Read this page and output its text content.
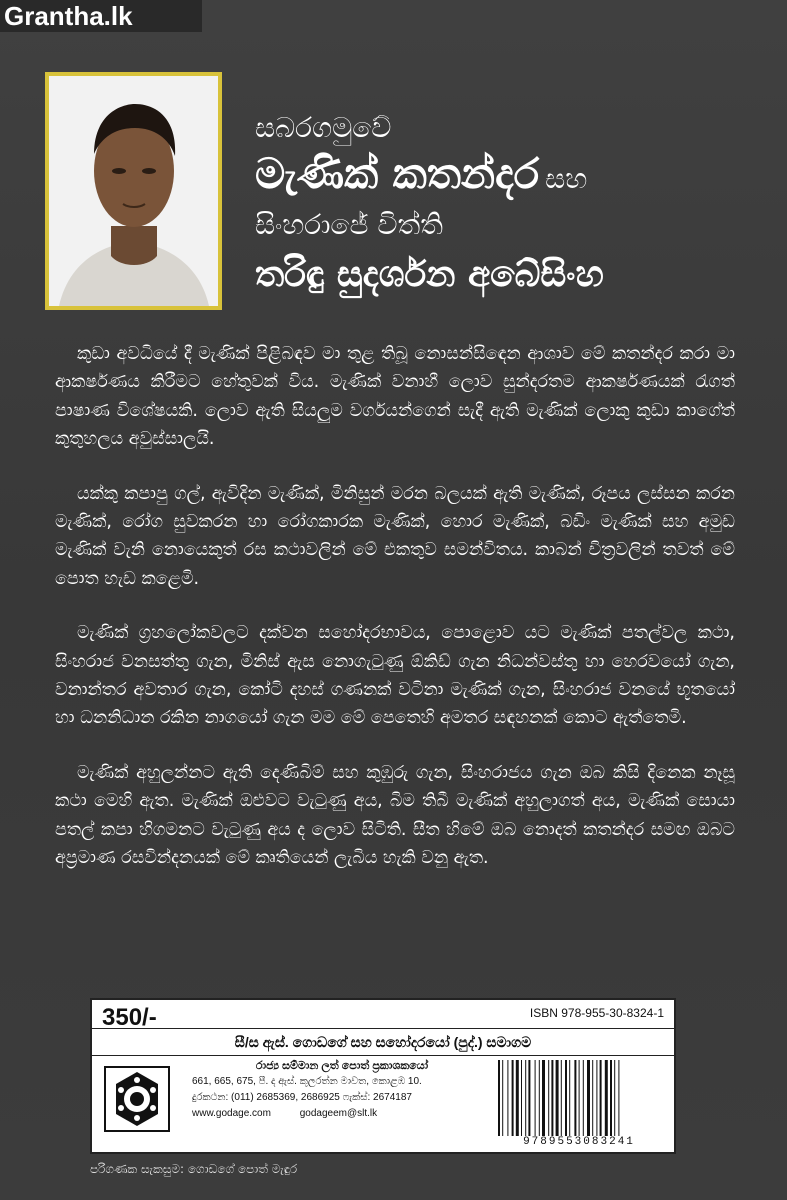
Grantha.lk
සබරගමුවේ
මැණික් කතන්දර සහ
සිංහරාජේ විත්ති
තරිඳු සුදර්ශන අබේසිංහ

කුඩා අවධියේ දී මැණික් පිළිබඳව මා තුළ තිබූ නොසන්සිඳෙන ආශාව මේ කතන්දර කරා මා ආකර්ෂණය කිරීමට හේතුවක් විය. මැණික් වනාහී ලොව සුන්දරතම ආකර්ෂණයක් රැගත් පාෂාණ විශේෂයකි. ලොව ඇති සියලුම වර්ගයන්ගෙන් සැදී ඇති මැණික් ලොකු කුඩා කාගේත් කුතුහලය අවුස්සාලයි.

යක්කු කපාපු ගල්, ඇවිදින මැණික්, මිනිසුන් මරන බලයක් ඇති මැණික්, රූපය ලස්සන කරන මැණික්, රෝග සුවකරන හා රෝගකාරක මැණික්, හොර මැණික්, බඩිං මැණික් සහ අමුඩ මැණික් වැනි නොයෙකුත් රස කථාවලින් මේ එකතුව සමන්විතය. කාබන් චිත්‍රවලින් තවත් මේ පොත හැඩ කළෙමි.

මැණික් ග්‍රහලෝකවලට දක්වන සහෝදරභාවය, පොළොව යට මැණික් පතල්වල කථා, සිංහරාජ වනසත්තු ගැන, මිනිස් ඇස නොගැටුණු ඕකිඩ් ගැන නිධන්වස්තු හා හෙරවයෝ ගැන, වනාන්තර අවතාර ගැන, කෝටි දහස් ගණනක් වටිනා මැණික් ගැන, සිංහරාජ වනයේ භූතයෝ හා ධනනිධාන රකින නාගයෝ ගැන මම මේ පෙතෙහි අමතර සඳහනක් කොට ඇත්තෙමි.

මැණික් අහුලන්නට ඇති දෙණිබිම් සහ කුඹුරු ගැන, සිංහරාජය ගැන ඔබ කිසි දිනෙක නෑසූ කථා මෙහි ඇත. මැණික් ඔළුවට වැටුණු අය, බිම තිබී මැණික් අහුලාගත් අය, මැණික් සොයා පතල් කපා හිගමනට වැටුණු අය ද ලොව සිටිති. සීත හිමේ ඔබ නොදත් කතන්දර සමඟ ඔබට අප්‍රමාණ රසවින්දනයක් මේ කෘතියෙන් ලැබිය හැකි වනු ඇත.

350/-	ISBN 978-955-30-8324-1
සී/ස ඇස්. ගොඩගේ සහ සහෝදරයෝ (පුද්.) සමාගම
රාජ්‍ය සම්මාන ලත් පොත් ප්‍රකාශකයෝ
661, 665, 675, පී. ද ඇස්. කුලරත්න මාවත, කොළඹ 10.
දුරකථන: (011) 2685369, 2686925 ෆැක්ස්: 2674187
www.godage.com	godageem@slt.lk
9789553083241
පරිගණක සැකසුම: ගොඩගේ පොත් මැඳුර
